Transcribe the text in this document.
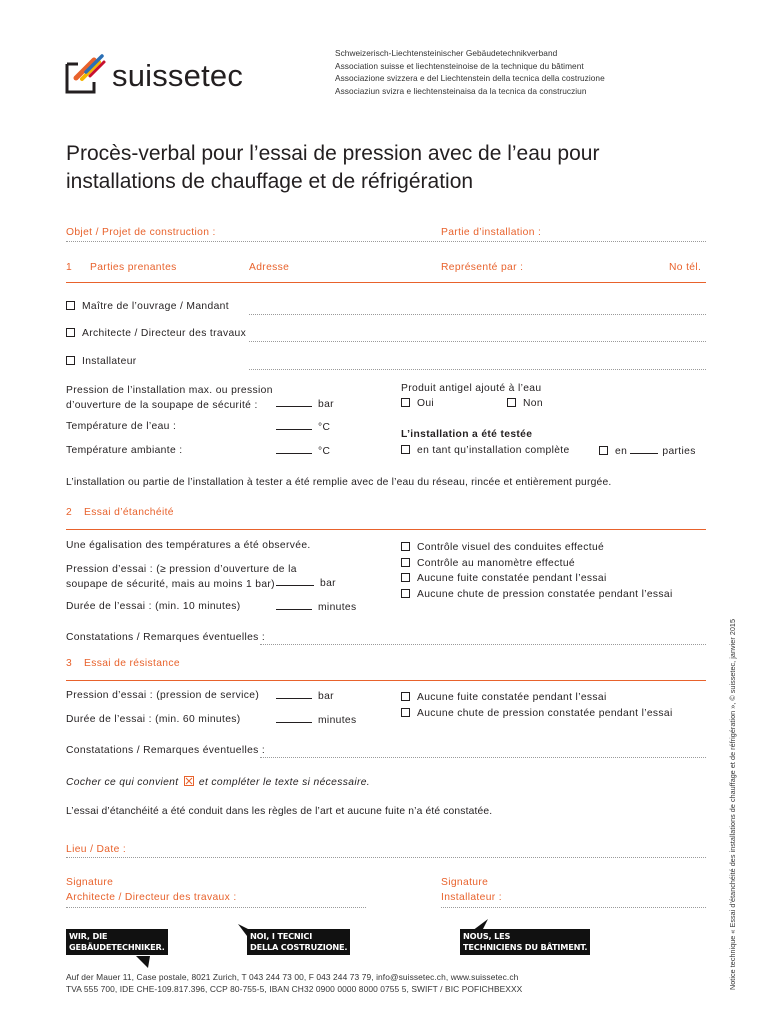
suissetec
Schweizerisch-Liechtensteinischer Gebäudetechnikverband
Association suisse et liechtensteinoise de la technique du bâtiment
Associazione svizzera e del Liechtenstein della tecnica della costruzione
Associaziun svizra e liechtensteinaisa da la tecnica da construcziun
Procès-verbal pour l’essai de pression avec de l’eau pour
installations de chauffage et de réfrigération
Objet / Projet de construction :	Partie d’installation :
1 Parties prenantes	Adresse	Représenté par :	No tél.
Maître de l’ouvrage / Mandant
Architecte / Directeur des travaux
Installateur
Pression de l’installation max. ou pression
d’ouverture de la soupape de sécurité :	bar
Température de l’eau :	°C
Température ambiante :	°C
Produit antigel ajouté à l’eau
Oui	Non
L’installation a été testée
en tant qu’installation complète	en	parties
L’installation ou partie de l’installation à tester a été remplie avec de l’eau du réseau, rincée et entièrement purgée.
2 Essai d’étanchéité
Une égalisation des températures a été observée.
Pression d’essai : (≥ pression d’ouverture de la
soupape de sécurité, mais au moins 1 bar)	bar
Durée de l’essai : (min. 10 minutes)	minutes
Contrôle visuel des conduites effectué
Contrôle au manomètre effectué
Aucune fuite constatée pendant l’essai
Aucune chute de pression constatée pendant l’essai
Constatations / Remarques éventuelles :
3 Essai de résistance
Pression d’essai : (pression de service)	bar
Durée de l’essai : (min. 60 minutes)	minutes
Aucune fuite constatée pendant l’essai
Aucune chute de pression constatée pendant l’essai
Constatations / Remarques éventuelles :
Cocher ce qui convient et compléter le texte si nécessaire.
L’essai d’étanchéité a été conduit dans les règles de l’art et aucune fuite n’a été constatée.
Lieu / Date :
Signature
Architecte / Directeur des travaux :
Signature
Installateur :
WIR, DIE
GEBÄUDETECHNIKER.
NOI, I TECNICI
DELLA COSTRUZIONE.
NOUS, LES
TECHNICIENS DU BÂTIMENT.
Auf der Mauer 11, Case postale, 8021 Zurich, T 043 244 73 00, F 043 244 73 79, info@suissetec.ch, www.suissetec.ch
TVA 555 700, IDE CHE-109.817.396, CCP 80-755-5, IBAN CH32 0900 0000 8000 0755 5, SWIFT / BIC POFICHBEXXX	Notice technique « Essai d’étanchéité des installations de chauffage et de réfrigération », © suissetec, janvier 2015
